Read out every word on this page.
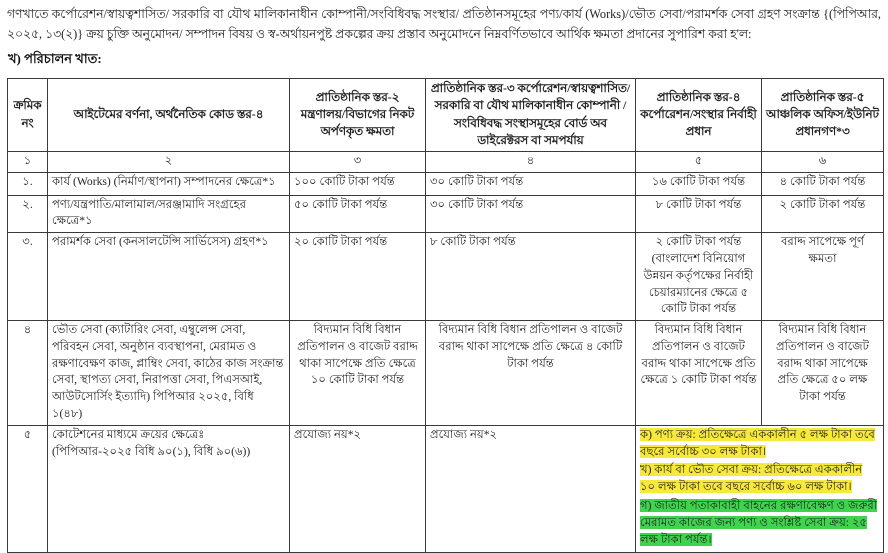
গণখাতে কর্পোরেশন/স্বায়ত্বশাসিত/ সরকারি বা যৌথ মালিকানাধীন কোম্পানী/সংবিধিবদ্ধ সংস্থার/ প্রতিষ্ঠানসমূহের পণ্য/কার্য (Works)/ভৌত সেবা/পরামর্শক সেবা গ্রহণ সংক্রান্ত {(পিপিআর, ২০২৫, ১৩(২)} ক্রয় চুক্তি অনুমোদন/ সম্পাদন বিষয় ও স্ব-অর্থায়নপুষ্ট প্রকল্পের ক্রয় প্রস্তাব অনুমোদনে নিম্নবর্ণিতভাবে আর্থিক ক্ষমতা প্রদানের সুপারিশ করা হ'ল:

খ) পরিচালন খাত:
ক্রমিক নং	আইটেমের বর্ণনা, অর্থনৈতিক কোড স্তর-৪	প্রাতিষ্ঠানিক স্তর-২ মন্ত্রণালয়/বিভাগের নিকট অর্পণকৃত ক্ষমতা	প্রাতিষ্ঠানিক স্তর-৩ কর্পোরেশন/স্বায়ত্বশাসিত/ সরকারি বা যৌথ মালিকানাধীন কোম্পানী /সংবিধিবদ্ধ সংস্থাসমূহের বোর্ড অব ডাইরেক্টরস বা সমপর্যায়	প্রাতিষ্ঠানিক স্তর-৪ কর্পোরেশন/সংস্থার নির্বাহী প্রধান	প্রাতিষ্ঠানিক স্তর-৫ আঞ্চলিক অফিস/ইউনিট প্রধানগণ*৩
১	২	৩	৪	৫	৬
১.	কার্য (Works) (নির্মাণ/স্থাপনা) সম্পাদনের ক্ষেত্রে*১	১০০ কোটি টাকা পর্যন্ত	৩০ কোটি টাকা পর্যন্ত	১৬ কোটি টাকা পর্যন্ত	৪ কোটি টাকা পর্যন্ত
২.	পণ্য/যন্ত্রপাতি/মালামাল/সরঞ্জামাদি সংগ্রহের ক্ষেত্রে*১	৫০ কোটি টাকা পর্যন্ত	৩০ কোটি টাকা পর্যন্ত	৮ কোটি টাকা পর্যন্ত	২ কোটি টাকা পর্যন্ত
৩.	পরামর্শক সেবা (কনসালটেন্সি সার্ভিসেস) গ্রহণ*১	২০ কোটি টাকা পর্যন্ত	৮ কোটি টাকা পর্যন্ত	২ কোটি টাকা পর্যন্ত (বাংলাদেশ বিনিয়োগ উন্নয়ন কর্তৃপক্ষের নির্বাহী চেয়ারম্যানের ক্ষেত্রে ৫ কোটি টাকা পর্যন্ত	বরাদ্দ সাপেক্ষে পূর্ণ ক্ষমতা
৪	ভৌত সেবা (ক্যাটারিং সেবা, এম্বুলেন্স সেবা, পরিবহন সেবা, অনুষ্ঠান ব্যবস্থাপনা, মেরামত ও রক্ষণাবেক্ষণ কাজ, প্লাম্বিং সেবা, কাঠের কাজ সংক্রান্ত সেবা, স্থাপত্য সেবা, নিরাপত্তা সেবা, পিএসআই, আউটসোর্সিং ইত্যাদি) পিপিআর ২০২৫, বিধি ১(৪৮)	বিদ্যমান বিধি বিধান প্রতিপালন ও বাজেট বরাদ্দ থাকা সাপেক্ষে প্রতি ক্ষেত্রে ১০ কোটি টাকা পর্যন্ত	বিদ্যমান বিধি বিধান প্রতিপালন ও বাজেট বরাদ্দ থাকা সাপেক্ষে প্রতি ক্ষেত্রে ৪ কোটি টাকা পর্যন্ত	বিদ্যমান বিধি বিধান প্রতিপালন ও বাজেট বরাদ্দ থাকা সাপেক্ষে প্রতি ক্ষেত্রে ১ কোটি টাকা পর্যন্ত	বিদ্যমান বিধি বিধান প্রতিপালন ও বাজেট বরাদ্দ থাকা সাপেক্ষে প্রতি ক্ষেত্রে ৫০ লক্ষ টাকা পর্যন্ত
৫	কোটেশনের মাধ্যমে ক্রয়ের ক্ষেত্রেঃ (পিপিআর-২০২৫ বিধি ৯০(১), বিধি ৯০(৬))	প্রযোজ্য নয়*২	প্রযোজ্য নয়*২	ক) পণ্য ক্রয়: প্রতিক্ষেত্রে এককালীন ৫ লক্ষ টাকা তবে বছরে সর্বোচ্চ ৩০ লক্ষ টাকা।
খ) কার্য বা ভৌত সেবা ক্রয়: প্রতিক্ষেত্রে এককালীন ১০ লক্ষ টাকা তবে বছরে সর্বোচ্চ ৬০ লক্ষ টাকা।
গ) জাতীয় পতাকাবাহী বাহনের রক্ষণাবেক্ষণ ও জরুরী মেরামত কাজের জন্য পণ্য ও সংশ্লিষ্ট সেবা ক্রয়: ২৫ লক্ষ টাকা পর্যন্ত।	
